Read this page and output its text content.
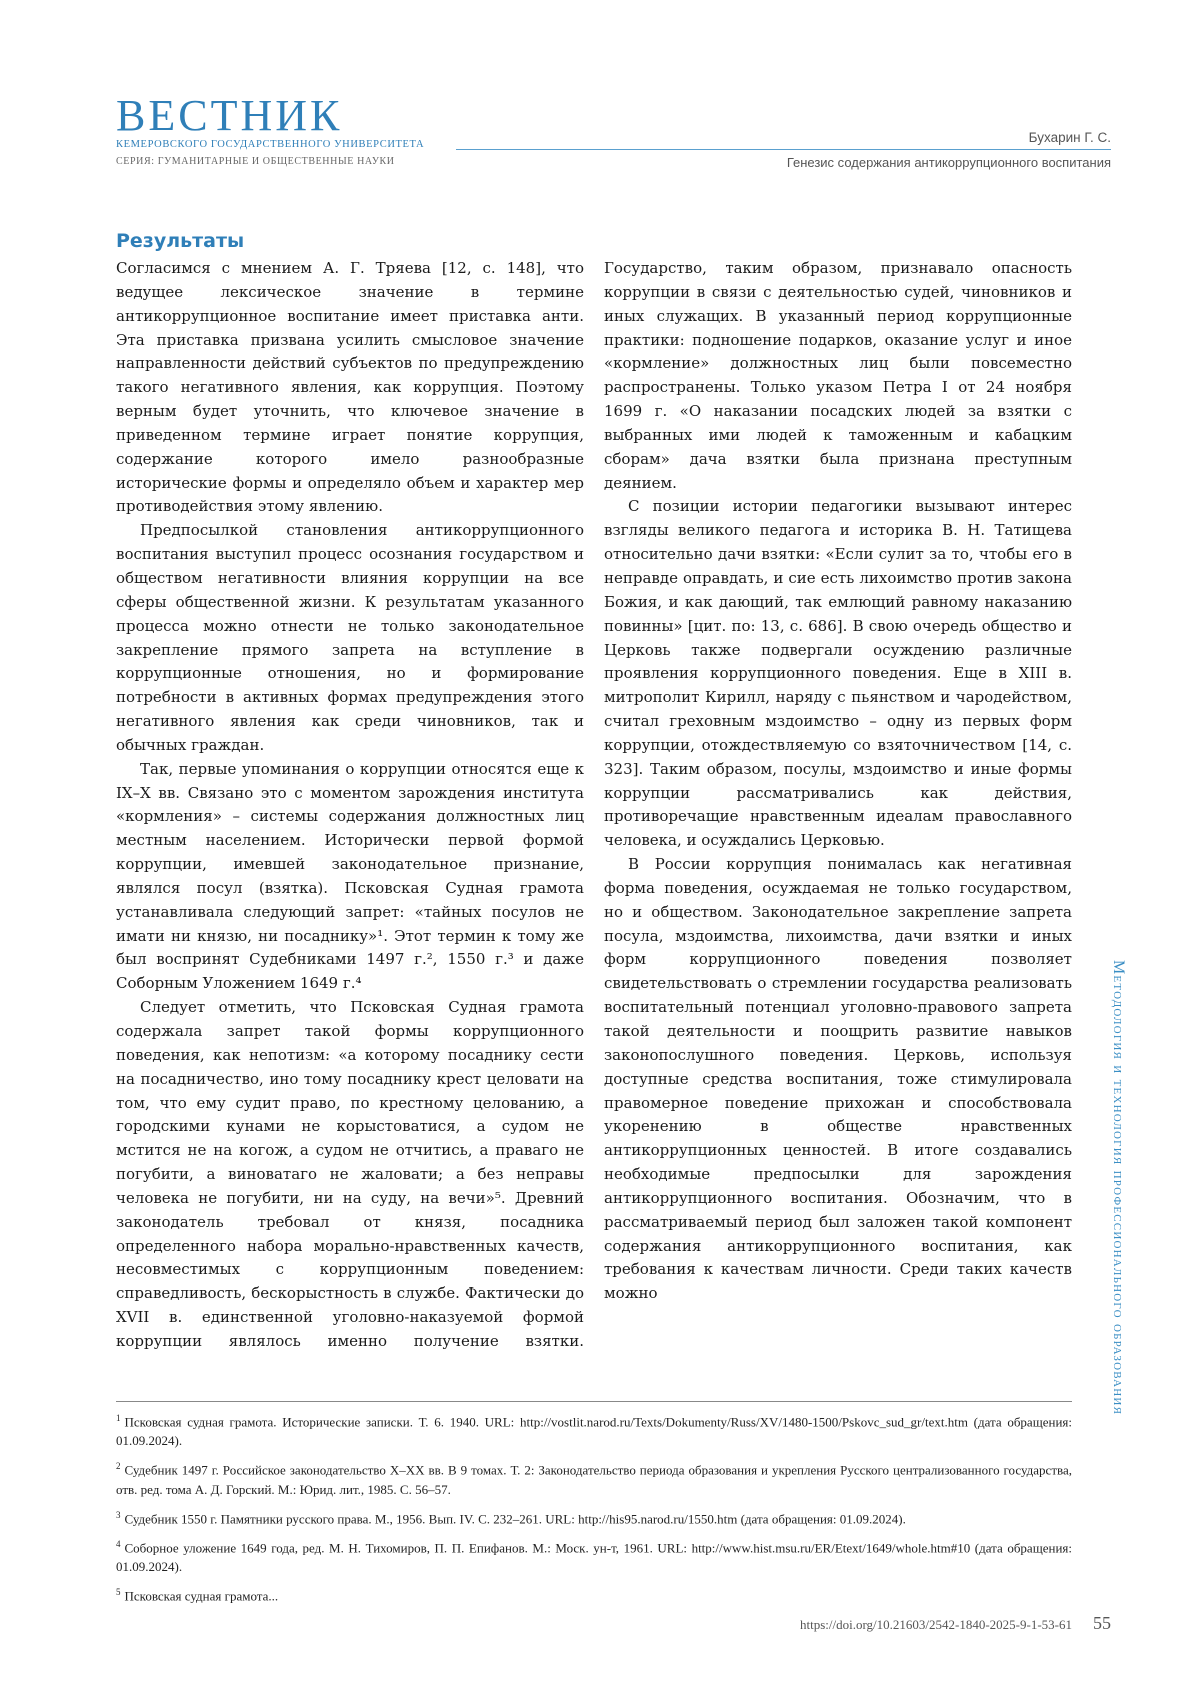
ВЕСТНИК
КЕМЕРОВСКОГО ГОСУДАРСТВЕННОГО УНИВЕРСИТЕТА
СЕРИЯ: ГУМАНИТАРНЫЕ И ОБЩЕСТВЕННЫЕ НАУКИ
Бухарин Г. С.
Генезис содержания антикоррупционного воспитания
Результаты

Согласимся с мнением А. Г. Тряева [12, с. 148], что ведущее лексическое значение в термине антикоррупционное воспитание имеет приставка анти. Эта приставка призвана усилить смысловое значение направленности действий субъектов по предупреждению такого негативного явления, как коррупция. Поэтому верным будет уточнить, что ключевое значение в приведенном термине играет понятие коррупция, содержание которого имело разнообразные исторические формы и определяло объем и характер мер противодействия этому явлению.

Предпосылкой становления антикоррупционного воспитания выступил процесс осознания государством и обществом негативности влияния коррупции на все сферы общественной жизни. К результатам указанного процесса можно отнести не только законодательное закрепление прямого запрета на вступление в коррупционные отношения, но и формирование потребности в активных формах предупреждения этого негативного явления как среди чиновников, так и обычных граждан.

Так, первые упоминания о коррупции относятся еще к IX–X вв. Связано это с моментом зарождения института «кормления» – системы содержания должностных лиц местным населением. Исторически первой формой коррупции, имевшей законодательное признание, являлся посул (взятка). Псковская Судная грамота устанавливала следующий запрет: «тайных посулов не имати ни князю, ни посаднику»¹. Этот термин к тому же был воспринят Судебниками 1497 г.², 1550 г.³ и даже Соборным Уложением 1649 г.⁴

Следует отметить, что Псковская Судная грамота содержала запрет такой формы коррупционного поведения, как непотизм: «а которому посаднику сести на посадничество, ино тому посаднику крест целовати на том, что ему судит право, по крестному целованию, а городскими кунами не корыстоватися, а судом не мстится не на когож, а судом не отчитись, а праваго не погубити, а виноватаго не жаловати; а без неправы человека не погубити, ни на суду, на вечи»⁵. Древний законодатель требовал от князя, посадника определенного набора морально-нравственных качеств, несовместимых с коррупционным поведением: справедливость, бескорыстность в службе. Фактически до XVII в. единственной уголовно-наказуемой формой коррупции являлось именно получение взятки.

Государство, таким образом, признавало опасность коррупции в связи с деятельностью судей, чиновников и иных служащих. В указанный период коррупционные практики: подношение подарков, оказание услуг и иное «кормление» должностных лиц были повсеместно распространены. Только указом Петра I от 24 ноября 1699 г. «О наказании посадских людей за взятки с выбранных ими людей к таможенным и кабацким сборам» дача взятки была признана преступным деянием.

С позиции истории педагогики вызывают интерес взгляды великого педагога и историка В. Н. Татищева относительно дачи взятки: «Если сулит за то, чтобы его в неправде оправдать, и сие есть лихоимство против закона Божия, и как дающий, так емлющий равному наказанию повинны» [цит. по: 13, с. 686]. В свою очередь общество и Церковь также подвергали осуждению различные проявления коррупционного поведения. Еще в XIII в. митрополит Кирилл, наряду с пьянством и чародейством, считал греховным мздоимство – одну из первых форм коррупции, отождествляемую со взяточничеством [14, с. 323]. Таким образом, посулы, мздоимство и иные формы коррупции рассматривались как действия, противоречащие нравственным идеалам православного человека, и осуждались Церковью.

В России коррупция понималась как негативная форма поведения, осуждаемая не только государством, но и обществом. Законодательное закрепление запрета посула, мздоимства, лихоимства, дачи взятки и иных форм коррупционного поведения позволяет свидетельствовать о стремлении государства реализовать воспитательный потенциал уголовно-правового запрета такой деятельности и поощрить развитие навыков законопослушного поведения. Церковь, используя доступные средства воспитания, тоже стимулировала правомерное поведение прихожан и способствовала укоренению в обществе нравственных антикоррупционных ценностей. В итоге создавались необходимые предпосылки для зарождения антикоррупционного воспитания. Обозначим, что в рассматриваемый период был заложен такой компонент содержания антикоррупционного воспитания, как требования к качествам личности. Среди таких качеств можно

1 Псковская судная грамота. Исторические записки. Т. 6. 1940. URL: http://vostlit.narod.ru/Texts/Dokumenty/Russ/XV/1480-1500/Pskovc_sud_gr/text.htm (дата обращения: 01.09.2024).

2 Судебник 1497 г. Российское законодательство X–XX вв. В 9 томах. Т. 2: Законодательство периода образования и укрепления Русского централизованного государства, отв. ред. тома А. Д. Горский. М.: Юрид. лит., 1985. С. 56–57.

3 Судебник 1550 г. Памятники русского права. М., 1956. Вып. IV. С. 232–261. URL: http://his95.narod.ru/1550.htm (дата обращения: 01.09.2024).

4 Соборное уложение 1649 года, ред. М. Н. Тихомиров, П. П. Епифанов. М.: Моск. ун-т, 1961. URL: http://www.hist.msu.ru/ER/Etext/1649/whole.htm#10 (дата обращения: 01.09.2024).

5 Псковская судная грамота...

Методология и технология профессионального образования
https://doi.org/10.21603/2542-1840-2025-9-1-53-61 55
